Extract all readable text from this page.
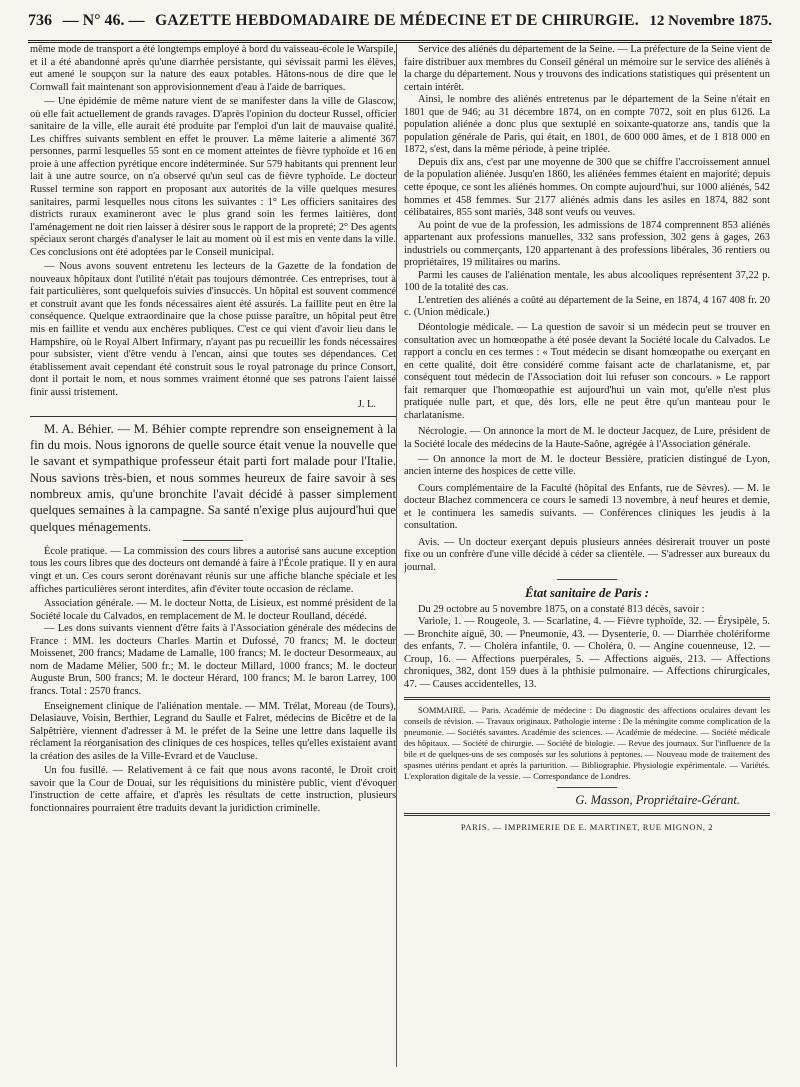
736 — N° 46. — GAZETTE HEBDOMADAIRE DE MÉDECINE ET DE CHIRURGIE. 12 Novembre 1875.

même mode de transport a été longtemps employé à bord du vaisseau-école le Warspile, et il a été abandonné après qu'une diarrhée persistante, qui sévissait parmi les élèves, eut amené le soupçon sur la nature des eaux potables. Hâtons-nous de dire que le Cornwall fait maintenant son approvisionnement d'eau à l'aide de barriques.

— Une épidémie de même nature vient de se manifester dans la ville de Glascow, où elle fait actuellement de grands ravages. D'après l'opinion du docteur Russel, officier sanitaire de la ville, elle aurait été produite par l'emploi d'un lait de mauvaise qualité. Les chiffres suivants semblent en effet le prouver. La même laiterie a alimenté 367 personnes, parmi lesquelles 55 sont en ce moment atteintes de fièvre typhoïde et 16 en proie à une affection pyrétique encore indéterminée. Sur 579 habitants qui prennent leur lait à une autre source, on n'a observé qu'un seul cas de fièvre typhoïde. Le docteur Russel termine son rapport en proposant aux autorités de la ville quelques mesures sanitaires, parmi lesquelles nous citons les suivantes : 1° Les officiers sanitaires des districts ruraux examineront avec le plus grand soin les fermes laitières, dont l'aménagement ne doit rien laisser à désirer sous le rapport de la propreté; 2° Des agents spéciaux seront chargés d'analyser le lait au moment où il est mis en vente dans la ville. Ces conclusions ont été adoptées par le Conseil municipal.

— Nous avons souvent entretenu les lecteurs de la Gazette de la fondation de nouveaux hôpitaux dont l'utilité n'était pas toujours démontrée. Ces entreprises, tout à fait particulières, sont quelquefois suivies d'insuccès. Un hôpital est souvent commencé et construit avant que les fonds nécessaires aient été assurés. La faillite peut en être la conséquence. Quelque extraordinaire que la chose puisse paraître, un hôpital peut être mis en faillite et vendu aux enchères publiques. C'est ce qui vient d'avoir lieu dans le Hampshire, où le Royal Albert Infirmary, n'ayant pas pu recueillir les fonds nécessaires pour subsister, vient d'être vendu à l'encan, ainsi que toutes ses dépendances. Cet établissement avait cependant été construit sous le royal patronage du prince Consort, dont il portait le nom, et nous sommes vraiment étonné que ses patrons l'aient laissé finir aussi tristement.

J. L.

M. A. Béhier. — M. Béhier compte reprendre son enseignement à la fin du mois. Nous ignorons de quelle source était venue la nouvelle que le savant et sympathique professeur était parti fort malade pour l'Italie. Nous savions très-bien, et nous sommes heureux de faire savoir à ses nombreux amis, qu'une bronchite l'avait décidé à passer simplement quelques semaines à la campagne. Sa santé n'exige plus aujourd'hui que quelques ménagements.

École pratique. — La commission des cours libres a autorisé sans aucune exception tous les cours libres que des docteurs ont demandé à faire à l'École pratique. Il y en aura vingt et un. Ces cours seront dorénavant réunis sur une affiche blanche spéciale et les affiches particulières seront interdites, afin d'éviter toute occasion de réclame.

Association générale. — M. le docteur Notta, de Lisieux, est nommé président de la Société locale du Calvados, en remplacement de M. le docteur Roulland, décédé.

— Les dons suivants viennent d'être faits à l'Association générale des médecins de France : MM. les docteurs Charles Martin et Dufossé, 70 francs; M. le docteur Moissenet, 200 francs; Madame de Lamalle, 100 francs; M. le docteur Desormeaux, au nom de Madame Mélier, 500 fr.; M. le docteur Millard, 1000 francs; M. le docteur Auguste Brun, 500 francs; M. le docteur Hérard, 100 francs; M. le baron Larrey, 100 francs. Total : 2570 francs.

Enseignement clinique de l'aliénation mentale. — MM. Trélat, Moreau (de Tours), Delasiauve, Voisin, Berthier, Legrand du Saulle et Falret, médecins de Bicêtre et de la Salpêtrière, viennent d'adresser à M. le préfet de la Seine une lettre dans laquelle ils réclament la réorganisation des cliniques de ces hospices, telles qu'elles existaient avant la création des asiles de la Ville-Evrard et de Vaucluse.

Un fou fusillé. — Relativement à ce fait que nous avons raconté, le Droit croit savoir que la Cour de Douai, sur les réquisitions du ministère public, vient d'évoquer l'instruction de cette affaire, et d'après les résultats de cette instruction, plusieurs fonctionnaires pourraient être traduits devant la juridiction criminelle.

Service des aliénés du département de la Seine. — La préfecture de la Seine vient de faire distribuer aux membres du Conseil général un mémoire sur le service des aliénés à la charge du département. Nous y trouvons des indications statistiques qui présentent un certain intérêt.

Ainsi, le nombre des aliénés entretenus par le département de la Seine n'était en 1801 que de 946; au 31 décembre 1874, on en compte 7072, soit en plus 6126. La population aliénée a donc plus que sextuplé en soixante-quatorze ans, tandis que la population générale de Paris, qui était, en 1801, de 600 000 âmes, et de 1 818 000 en 1872, s'est, dans la même période, à peine triplée.

Depuis dix ans, c'est par une moyenne de 300 que se chiffre l'accroissement annuel de la population aliénée. Jusqu'en 1860, les aliénées femmes étaient en majorité; depuis cette époque, ce sont les aliénés hommes. On compte aujourd'hui, sur 1000 aliénés, 542 hommes et 458 femmes. Sur 2177 aliénés admis dans les asiles en 1874, 882 sont célibataires, 855 sont mariés, 348 sont veufs ou veuves.

Au point de vue de la profession, les admissions de 1874 comprennent 853 aliénés appartenant aux professions manuelles, 332 sans profession, 302 gens à gages, 263 industriels ou commerçants, 120 appartenant à des professions libérales, 36 rentiers ou propriétaires, 19 militaires ou marins.

Parmi les causes de l'aliénation mentale, les abus alcooliques représentent 37,22 p. 100 de la totalité des cas.

L'entretien des aliénés a coûté au département de la Seine, en 1874, 4 167 408 fr. 20 c. (Union médicale.)

Déontologie médicale. — La question de savoir si un médecin peut se trouver en consultation avec un homœopathe a été posée devant la Société locale du Calvados. Le rapport a conclu en ces termes : « Tout médecin se disant homœopathe ou exerçant en en cette qualité, doit être considéré comme faisant acte de charlatanisme, et, par conséquent tout médecin de l'Association doit lui refuser son concours. » Le rapport fait remarquer que l'homœopathie est aujourd'hui un vain mot, qu'elle n'est plus pratiquée nulle part, et que, dès lors, elle ne peut être qu'un manteau pour le charlatanisme.

Nécrologie. — On annonce la mort de M. le docteur Jacquez, de Lure, président de la Société locale des médecins de la Haute-Saône, agrégée à l'Association générale.

— On annonce la mort de M. le docteur Bessière, praticien distingué de Lyon, ancien interne des hospices de cette ville.

Cours complémentaire de la Faculté (hôpital des Enfants, rue de Sèvres). — M. le docteur Blachez commencera ce cours le samedi 13 novembre, à neuf heures et demie, et le continuera les samedis suivants. — Conférences cliniques les jeudis à la consultation.

Avis. — Un docteur exerçant depuis plusieurs années désirerait trouver un poste fixe ou un confrère d'une ville décidé à céder sa clientèle. — S'adresser aux bureaux du journal.

État sanitaire de Paris :

Du 29 octobre au 5 novembre 1875, on a constaté 813 décès, savoir :

Variole, 1. — Rougeole, 3. — Scarlatine, 4. — Fièvre typhoïde, 32. — Érysipèle, 5. — Bronchite aiguë, 30. — Pneumonie, 43. — Dysenterie, 0. — Diarrhée cholériforme des enfants, 7. — Choléra infantile, 0. — Choléra, 0. — Angine couenneuse, 12. — Croup, 16. — Affections puerpérales, 5. — Affections aiguës, 213. — Affections chroniques, 382, dont 159 dues à la phthisie pulmonaire. — Affections chirurgicales, 47. — Causes accidentelles, 13.

SOMMAIRE. — Paris. Académie de médecine : Du diagnostic des affections oculaires devant les conseils de révision. — Travaux originaux. Pathologie interne : De la méningite comme complication de la pneumonie. — Sociétés savantes. Académie des sciences. — Académie de médecine. — Société médicale des hôpitaux. — Société de chirurgie. — Société de biologie. — Revue des journaux. Sur l'influence de la bile et de quelques-uns de ses composés sur les solutions à peptones. — Nouveau mode de traitement des spasmes utérins pendant et après la parturition. — Bibliographie. Physiologie expérimentale. — Variétés. L'exploration digitale de la vessie. — Correspondance de Londres.

G. Masson, Propriétaire-Gérant.

PARIS. — IMPRIMERIE DE E. MARTINET, RUE MIGNON, 2
